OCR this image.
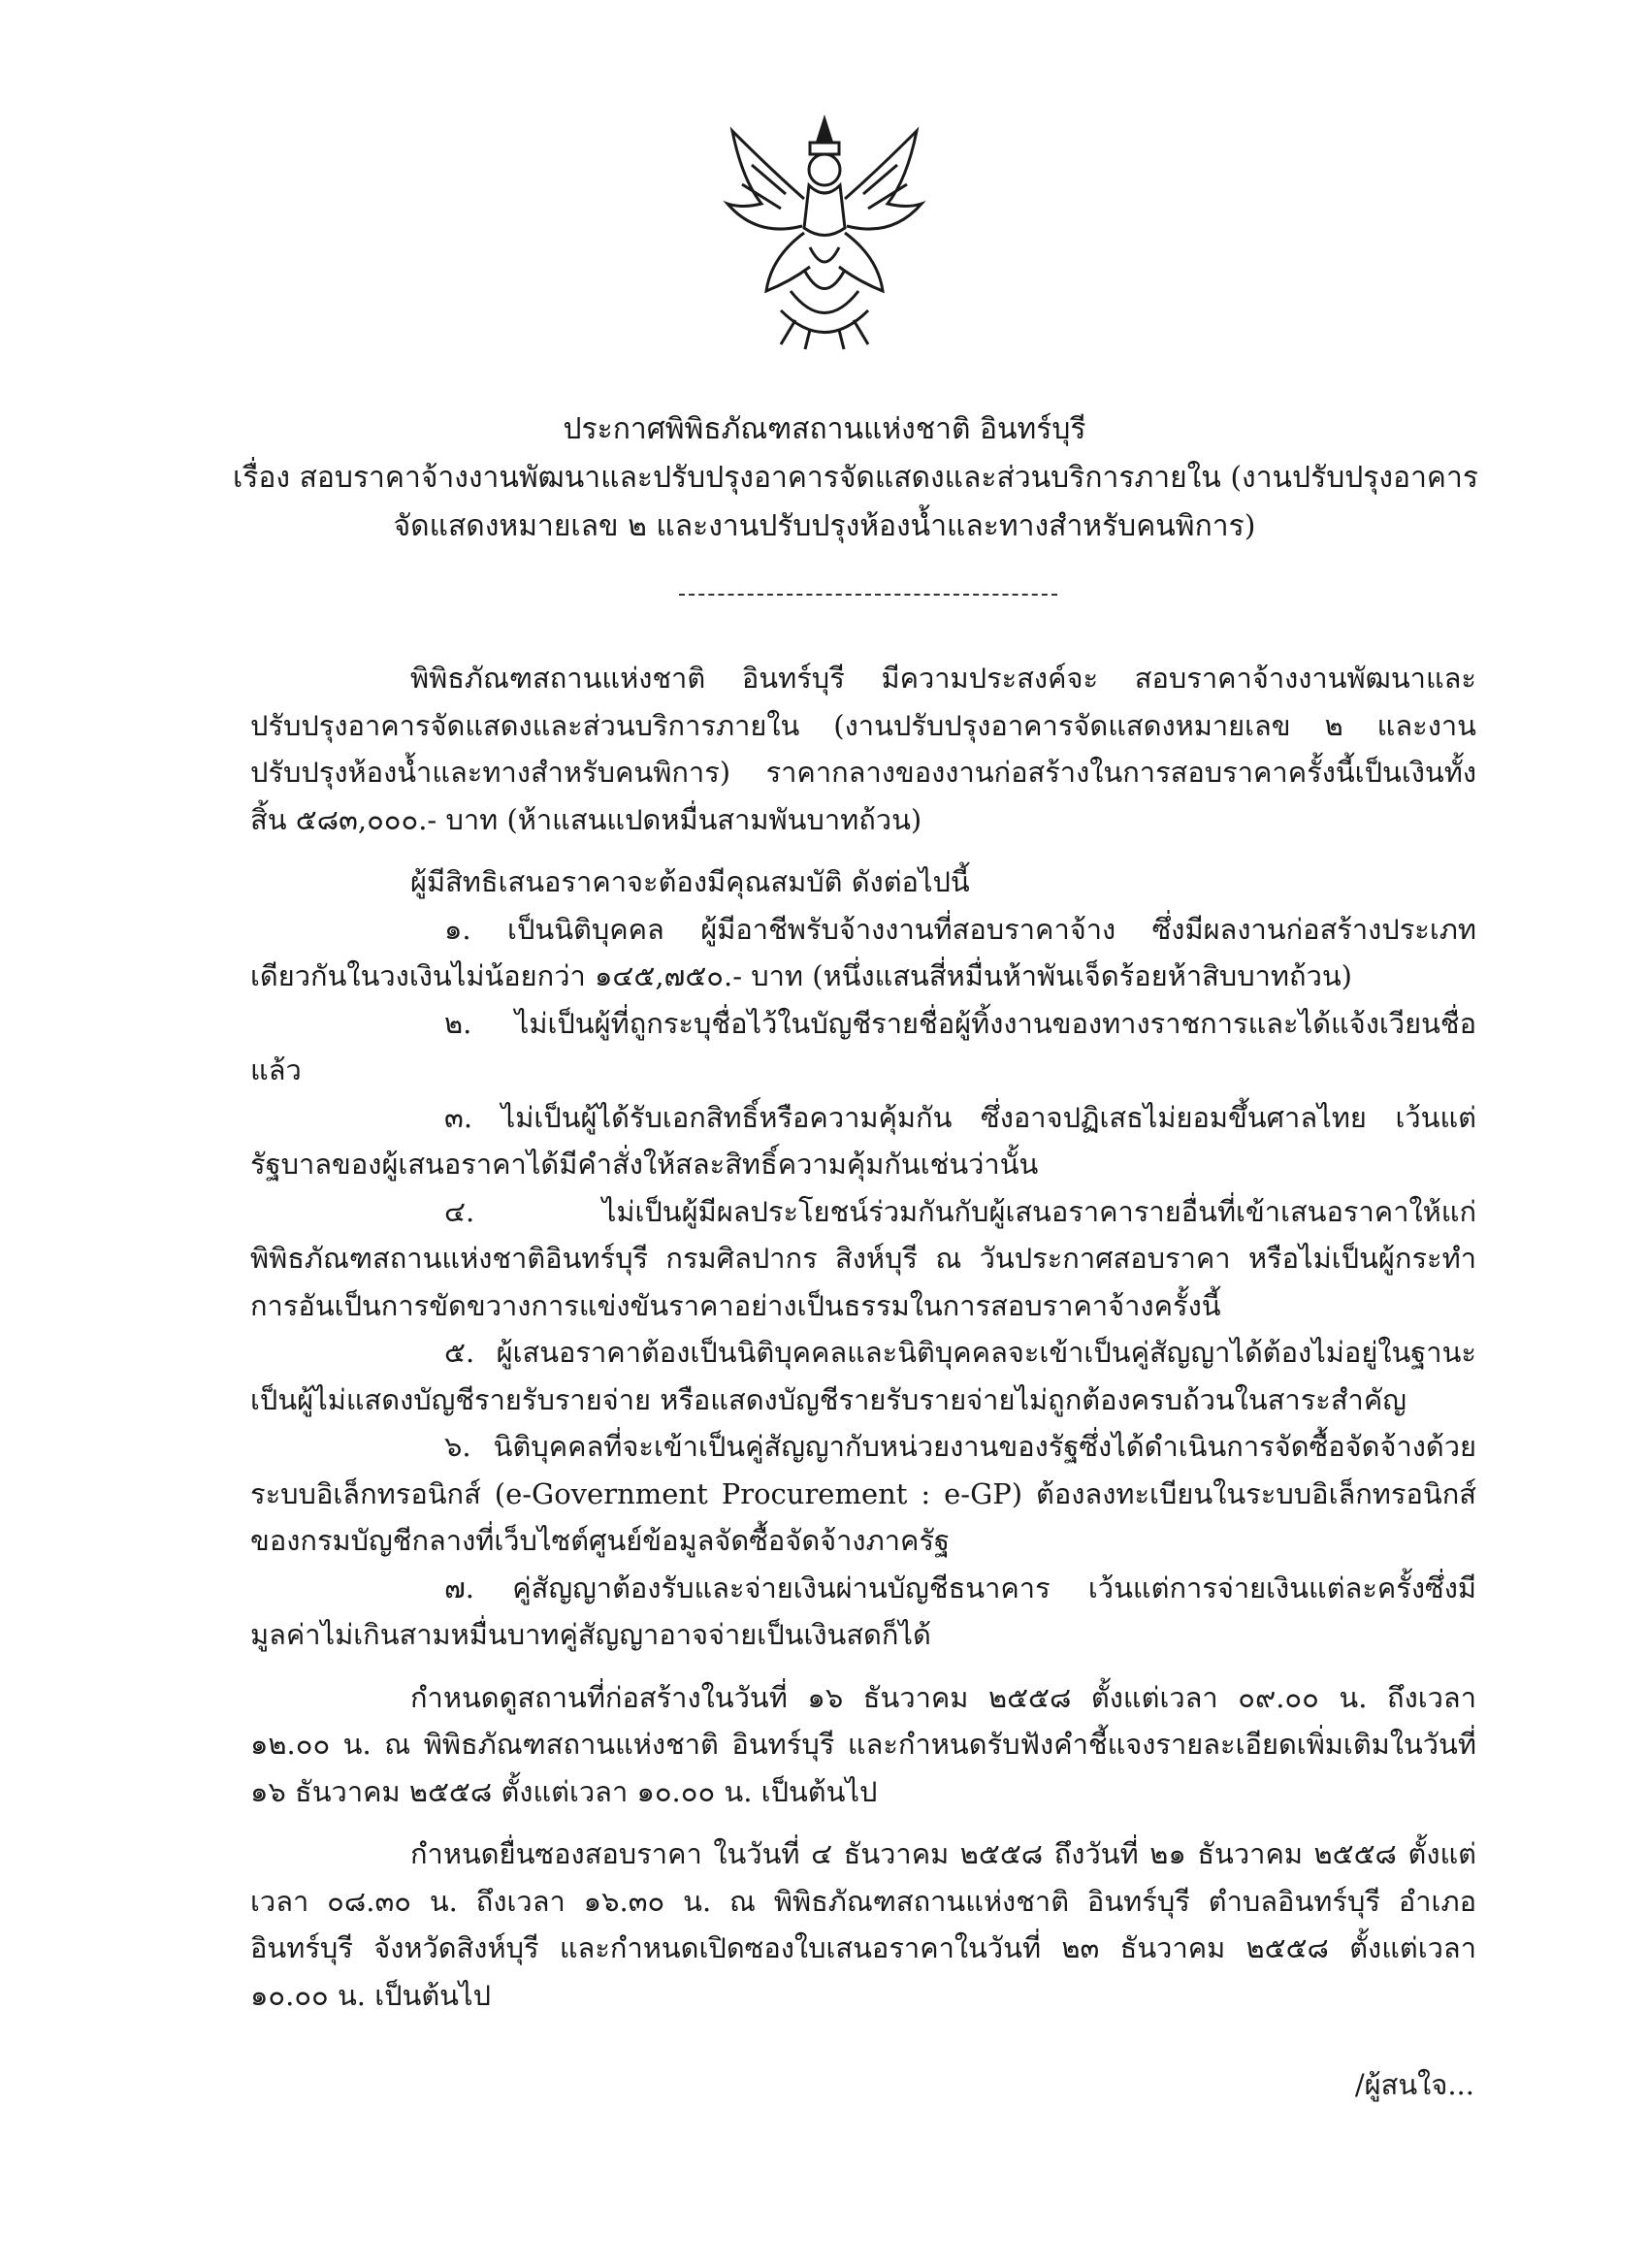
ประกาศพิพิธภัณฑสถานแห่งชาติ อินทร์บุรี
เรื่อง สอบราคาจ้างงานพัฒนาและปรับปรุงอาคารจัดแสดงและส่วนบริการภายใน (งานปรับปรุงอาคาร
จัดแสดงหมายเลข ๒ และงานปรับปรุงห้องน้ำและทางสำหรับคนพิการ)

พิพิธภัณฑสถานแห่งชาติ อินทร์บุรี มีความประสงค์จะ สอบราคาจ้างงานพัฒนาและปรับปรุงอาคารจัดแสดงและส่วนบริการภายใน (งานปรับปรุงอาคารจัดแสดงหมายเลข ๒ และงานปรับปรุงห้องน้ำและทางสำหรับคนพิการ) ราคากลางของงานก่อสร้างในการสอบราคาครั้งนี้เป็นเงินทั้งสิ้น ๕๘๓,๐๐๐.- บาท (ห้าแสนแปดหมื่นสามพันบาทถ้วน)

ผู้มีสิทธิเสนอราคาจะต้องมีคุณสมบัติ ดังต่อไปนี้

๑. เป็นนิติบุคคล ผู้มีอาชีพรับจ้างงานที่สอบราคาจ้าง ซึ่งมีผลงานก่อสร้างประเภทเดียวกันในวงเงินไม่น้อยกว่า ๑๔๕,๗๕๐.- บาท (หนึ่งแสนสี่หมื่นห้าพันเจ็ดร้อยห้าสิบบาทถ้วน)

๒. ไม่เป็นผู้ที่ถูกระบุชื่อไว้ในบัญชีรายชื่อผู้ทิ้งงานของทางราชการและได้แจ้งเวียนชื่อแล้ว

๓. ไม่เป็นผู้ได้รับเอกสิทธิ์หรือความคุ้มกัน ซึ่งอาจปฏิเสธไม่ยอมขึ้นศาลไทย เว้นแต่รัฐบาลของผู้เสนอราคาได้มีคำสั่งให้สละสิทธิ์ความคุ้มกันเช่นว่านั้น

๔. ไม่เป็นผู้มีผลประโยชน์ร่วมกันกับผู้เสนอราคารายอื่นที่เข้าเสนอราคาให้แก่พิพิธภัณฑสถานแห่งชาติอินทร์บุรี กรมศิลปากร สิงห์บุรี ณ วันประกาศสอบราคา หรือไม่เป็นผู้กระทำการอันเป็นการขัดขวางการแข่งขันราคาอย่างเป็นธรรมในการสอบราคาจ้างครั้งนี้

๕. ผู้เสนอราคาต้องเป็นนิติบุคคลและนิติบุคคลจะเข้าเป็นคู่สัญญาได้ต้องไม่อยู่ในฐานะเป็นผู้ไม่แสดงบัญชีรายรับรายจ่าย หรือแสดงบัญชีรายรับรายจ่ายไม่ถูกต้องครบถ้วนในสาระสำคัญ

๖. นิติบุคคลที่จะเข้าเป็นคู่สัญญากับหน่วยงานของรัฐซึ่งได้ดำเนินการจัดซื้อจัดจ้างด้วยระบบอิเล็กทรอนิกส์ (e-Government Procurement : e-GP) ต้องลงทะเบียนในระบบอิเล็กทรอนิกส์ของกรมบัญชีกลางที่เว็บไซต์ศูนย์ข้อมูลจัดซื้อจัดจ้างภาครัฐ

๗. คู่สัญญาต้องรับและจ่ายเงินผ่านบัญชีธนาคาร เว้นแต่การจ่ายเงินแต่ละครั้งซึ่งมีมูลค่าไม่เกินสามหมื่นบาทคู่สัญญาอาจจ่ายเป็นเงินสดก็ได้

กำหนดดูสถานที่ก่อสร้างในวันที่ ๑๖ ธันวาคม ๒๕๕๘ ตั้งแต่เวลา ๐๙.๐๐ น. ถึงเวลา ๑๒.๐๐ น. ณ พิพิธภัณฑสถานแห่งชาติ อินทร์บุรี และกำหนดรับฟังคำชี้แจงรายละเอียดเพิ่มเติมในวันที่ ๑๖ ธันวาคม ๒๕๕๘ ตั้งแต่เวลา ๑๐.๐๐ น. เป็นต้นไป

กำหนดยื่นซองสอบราคา ในวันที่ ๔ ธันวาคม ๒๕๕๘ ถึงวันที่ ๒๑ ธันวาคม ๒๕๕๘ ตั้งแต่เวลา ๐๘.๓๐ น. ถึงเวลา ๑๖.๓๐ น. ณ พิพิธภัณฑสถานแห่งชาติ อินทร์บุรี ตำบลอินทร์บุรี อำเภออินทร์บุรี จังหวัดสิงห์บุรี และกำหนดเปิดซองใบเสนอราคาในวันที่ ๒๓ ธันวาคม ๒๕๕๘ ตั้งแต่เวลา ๑๐.๐๐ น. เป็นต้นไป

/ผู้สนใจ...
